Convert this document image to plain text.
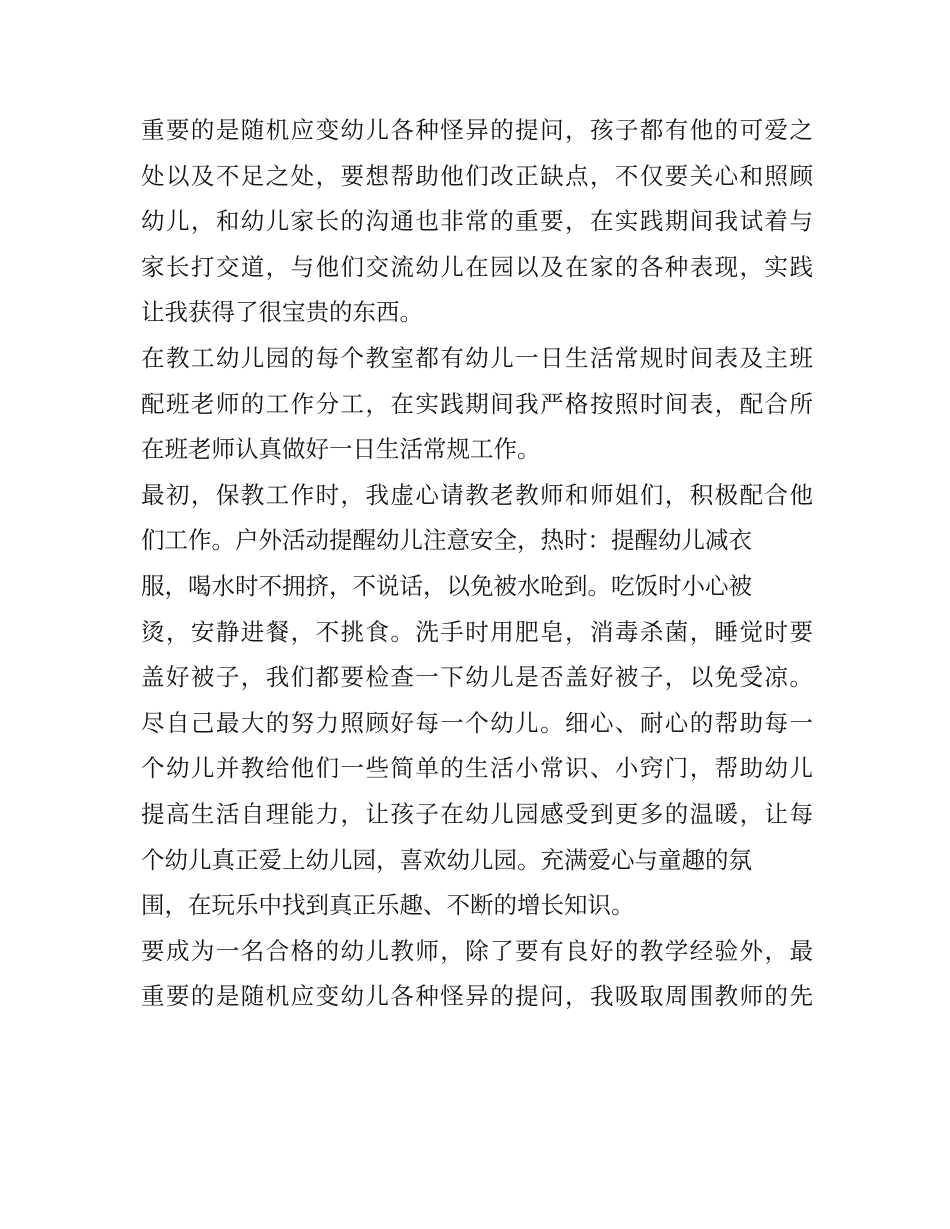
重要的是随机应变幼儿各种怪异的提问，孩子都有他的可爱之
处以及不足之处，要想帮助他们改正缺点，不仅要关心和照顾
幼儿，和幼儿家长的沟通也非常的重要，在实践期间我试着与
家长打交道，与他们交流幼儿在园以及在家的各种表现，实践
让我获得了很宝贵的东西。
在教工幼儿园的每个教室都有幼儿一日生活常规时间表及主班
配班老师的工作分工，在实践期间我严格按照时间表，配合所
在班老师认真做好一日生活常规工作。
最初，保教工作时，我虚心请教老教师和师姐们，积极配合他
们工作。户外活动提醒幼儿注意安全，热时：提醒幼儿减衣
服，喝水时不拥挤，不说话，以免被水呛到。吃饭时小心被
烫，安静进餐，不挑食。洗手时用肥皂，消毒杀菌，睡觉时要
盖好被子，我们都要检查一下幼儿是否盖好被子，以免受凉。
尽自己最大的努力照顾好每一个幼儿。细心、耐心的帮助每一
个幼儿并教给他们一些简单的生活小常识、小窍门，帮助幼儿
提高生活自理能力，让孩子在幼儿园感受到更多的温暖，让每
个幼儿真正爱上幼儿园，喜欢幼儿园。充满爱心与童趣的氛
围，在玩乐中找到真正乐趣、不断的增长知识。
要成为一名合格的幼儿教师，除了要有良好的教学经验外，最
重要的是随机应变幼儿各种怪异的提问，我吸取周围教师的先
